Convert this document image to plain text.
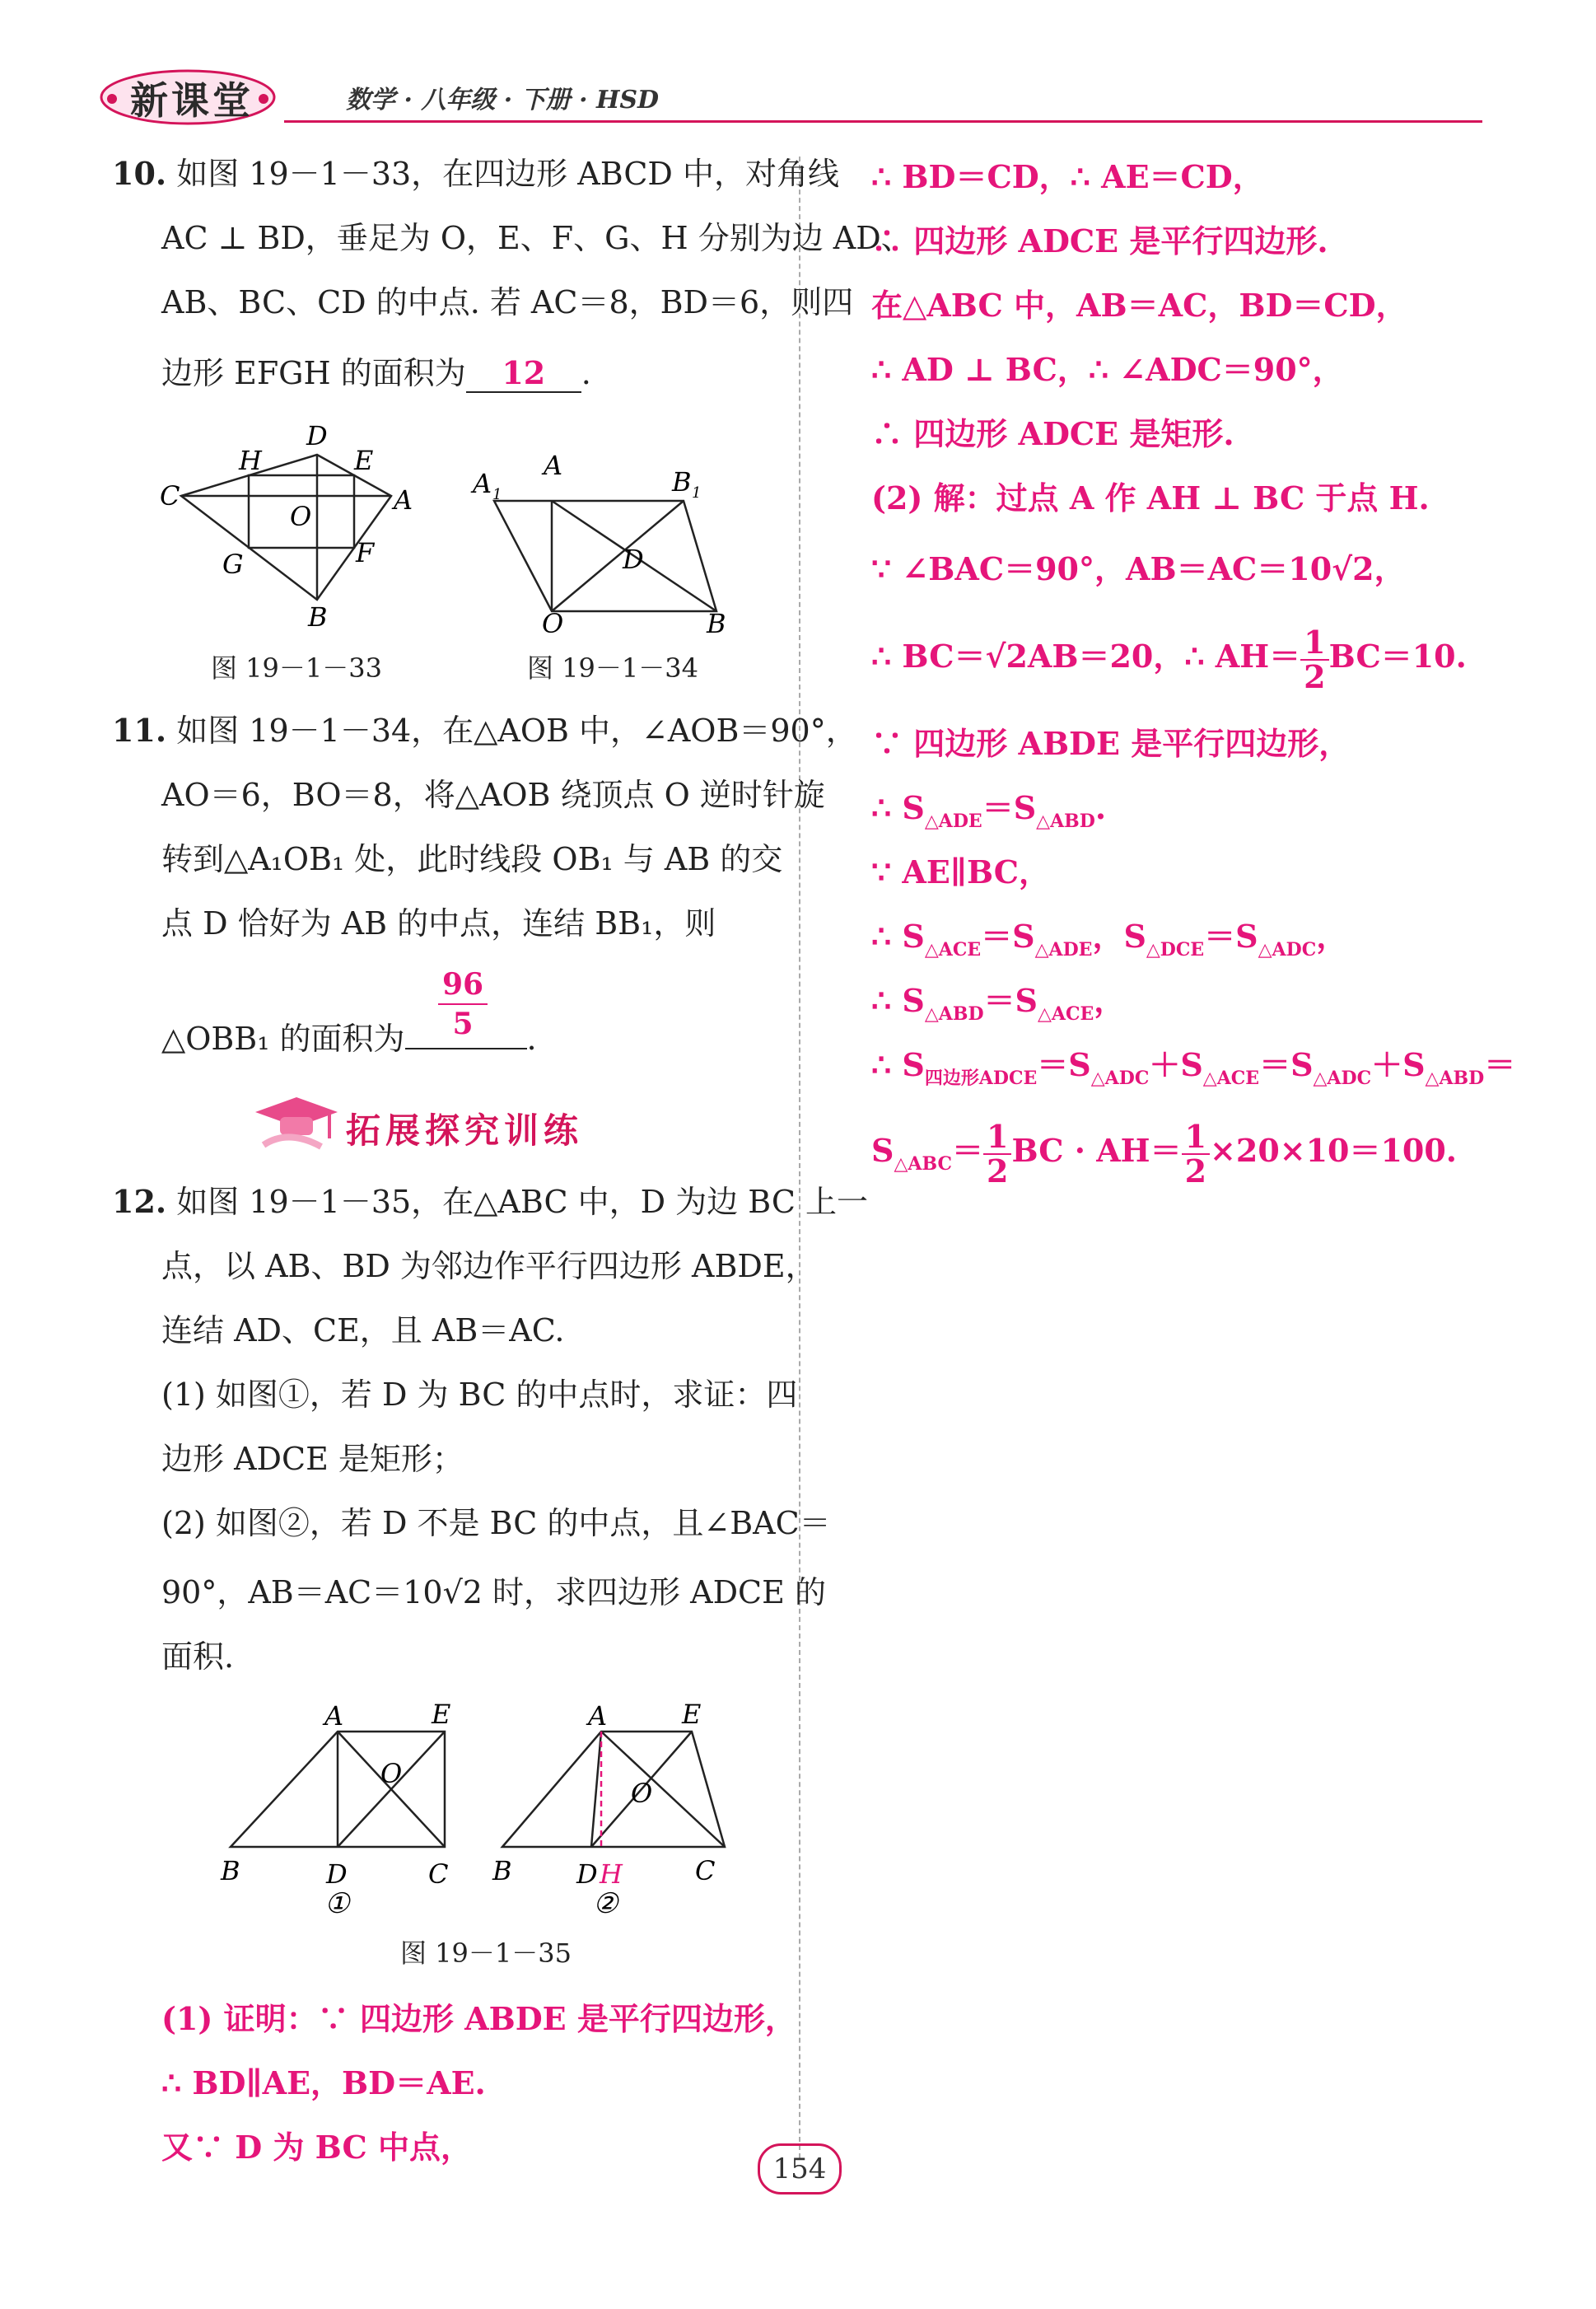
新课堂	数学 · 八年级 · 下册 · HSD
10. 如图 19－1－33，在四边形 ABCD 中，对角线
AC ⊥ BD，垂足为 O，E、F、G、H 分别为边 AD、
AB、BC、CD 的中点. 若 AC＝8，BD＝6，则四
边形 EFGH 的面积为 12 .
H
D
E
C
O
A
G	F
B
图 19－1－33
A 1
A
B 1
D
O	B
图 19－1－34
11. 如图 19－1－34，在△AOB 中，∠AOB＝90°，
AO＝6，BO＝8，将△AOB 绕顶点 O 逆时针旋
转到△A₁OB₁ 处，此时线段 OB₁ 与 AB 的交
点 D 恰好为 AB 的中点，连结 BB₁，则
△OBB₁ 的面积为	.
$\frac{96}{5}$
拓展探究训练
12. 如图 19－1－35，在△ABC 中，D 为边 BC 上一
点，以 AB、BD 为邻边作平行四边形 ABDE，
连结 AD、CE，且 AB＝AC.
(1) 如图①，若 D 为 BC 的中点时，求证：四
边形 ADCE 是矩形；
(2) 如图②，若 D 不是 BC 的中点，且∠BAC＝
90°，AB＝AC＝10√2 时，求四边形 ADCE 的
面积.
A	E
O
B	D	C
①
A	E
O
B D H	C
②
图 19－1－35
(1) 证明：∵ 四边形 ABDE 是平行四边形，
∴ BD∥AE，BD＝AE.
又∵ D 为 BC 中点，
∴ BD＝CD，∴ AE＝CD，
∴ 四边形 ADCE 是平行四边形.
在△ABC 中，AB＝AC，BD＝CD，
∴ AD ⊥ BC，∴ ∠ADC＝90°，
∴ 四边形 ADCE 是矩形.
(2) 解：过点 A 作 AH ⊥ BC 于点 H.
∵ ∠BAC＝90°，AB＝AC＝10√2，
∴ BC＝√2AB＝20，∴ $AH= \frac{1}{2} BC=10$.
∵ 四边形 ABDE 是平行四边形，
∴ $S_{\triangle ADE}=S_{\triangle ABD}$.
∵ AE∥BC，
∴ $S_{\triangle ACE}=S_{\triangle ADE}$，$S_{\triangle DCE}=S_{\triangle ADC}$，
∴ $S_{\triangle ABD}=S_{\triangle ACE}$，
∴ $S_{四边形ADCE}=S_{\triangle ADC}+S_{\triangle ACE}=S_{\triangle ADC}+S_{\triangle ABD}=$
$S_{\triangle ABC}= \frac{1}{2}$ BC · $AH= \frac{1}{2} \times 20\times 10=100$.
154
